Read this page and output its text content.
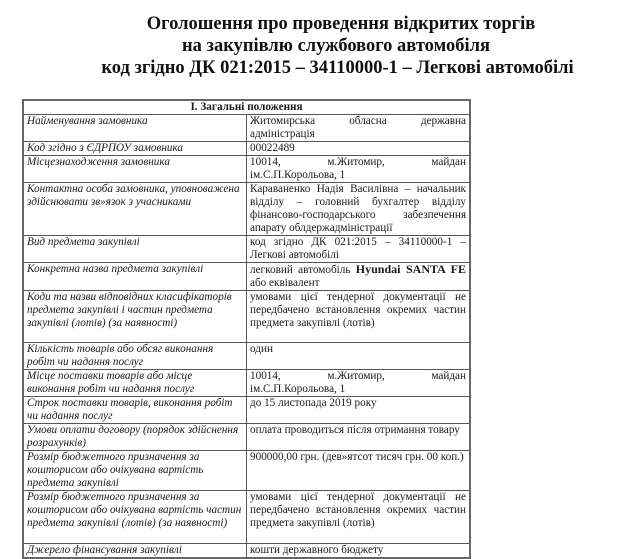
Оголошення про проведення відкритих торгів
на закупівлю службового автомобіля
код згідно ДК 021:2015 – 34110000-1 – Легкові автомобілі
I. Загальні положення	
Найменування замовника	Житомирська обласна державна адміністрація
Код згідно з ЄДРПОУ замовника	00022489
Місцезнаходження замовника	10014, м.Житомир, майдан ім.С.П.Корольова, 1
Контактна особа замовника, уповноважена здійснювати зв»язок з учасниками	Караваненко Надія Василівна – начальник відділу – головний бухгалтер відділу фінансово-господарського забезпечення апарату облдержадміністрації
Вид предмета закупівлі	код згідно ДК 021:2015 – 34110000-1 – Легкові автомобілі
Конкретна назва предмета закупівлі	легковий автомобіль Hyundai SANTA FE або еквівалент
Коди та назви відповідних класифікаторів предмета закупівлі і частин предмета закупівлі (лотів) (за наявності)	умовами цієї тендерної документації не передбачено встановлення окремих частин предмета закупівлі (лотів)
Кількість товарів або обсяг виконання робіт чи надання послуг	один
Місце поставки товарів або місце виконання робіт чи надання послуг	10014, м.Житомир, майдан ім.С.П.Корольова, 1
Строк поставки товарів, виконання робіт чи надання послуг	до 15 листопада 2019 року
Умови оплати договору (порядок здійснення розрахунків)	оплата проводиться після отримання товару
Розмір бюджетного призначення за кошторисом або очікувана вартість предмета закупівлі	900000,00 грн. (дев»ятсот тисяч грн. 00 коп.)
Розмір бюджетного призначення за кошторисом або очікувана вартість частин предмета закупівлі (лотів) (за наявності)	умовами цієї тендерної документації не передбачено встановлення окремих частин предмета закупівлі (лотів)
Джерело фінансування закупівлі	кошти державного бюджету
